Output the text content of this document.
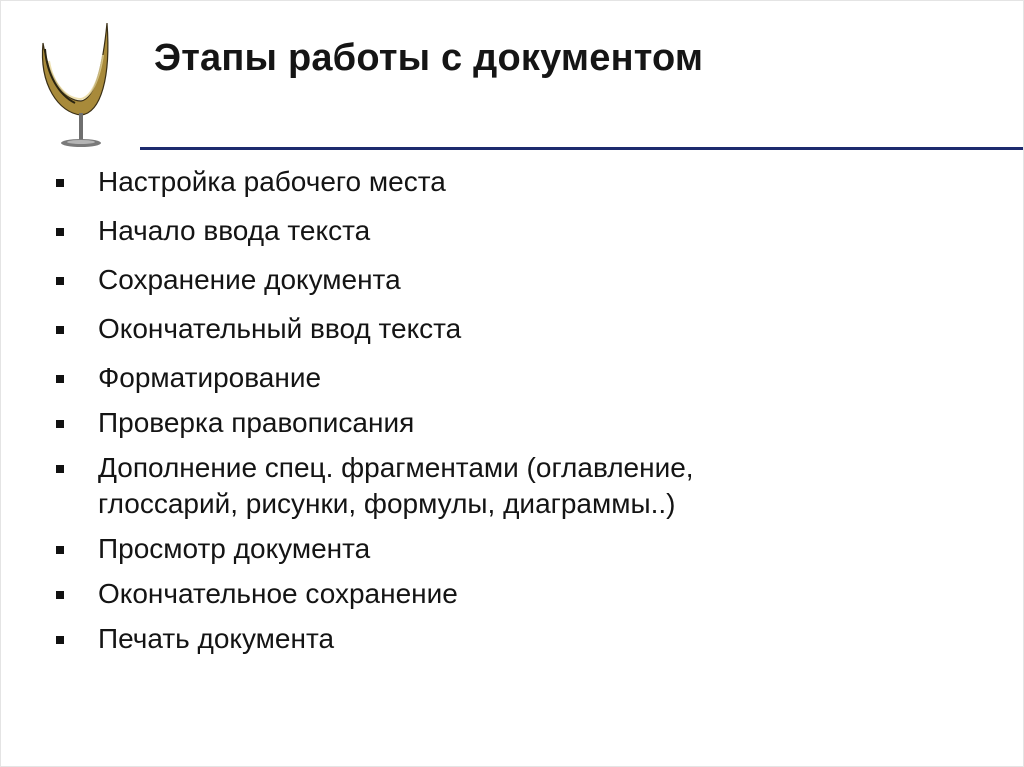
Этапы работы с документом
Настройка рабочего места
Начало ввода текста
Сохранение документа
Окончательный ввод текста
Форматирование
Проверка правописания
Дополнение спец. фрагментами (оглавление,
глоссарий, рисунки, формулы, диаграммы..)
Просмотр документа
Окончательное сохранение
Печать документа
